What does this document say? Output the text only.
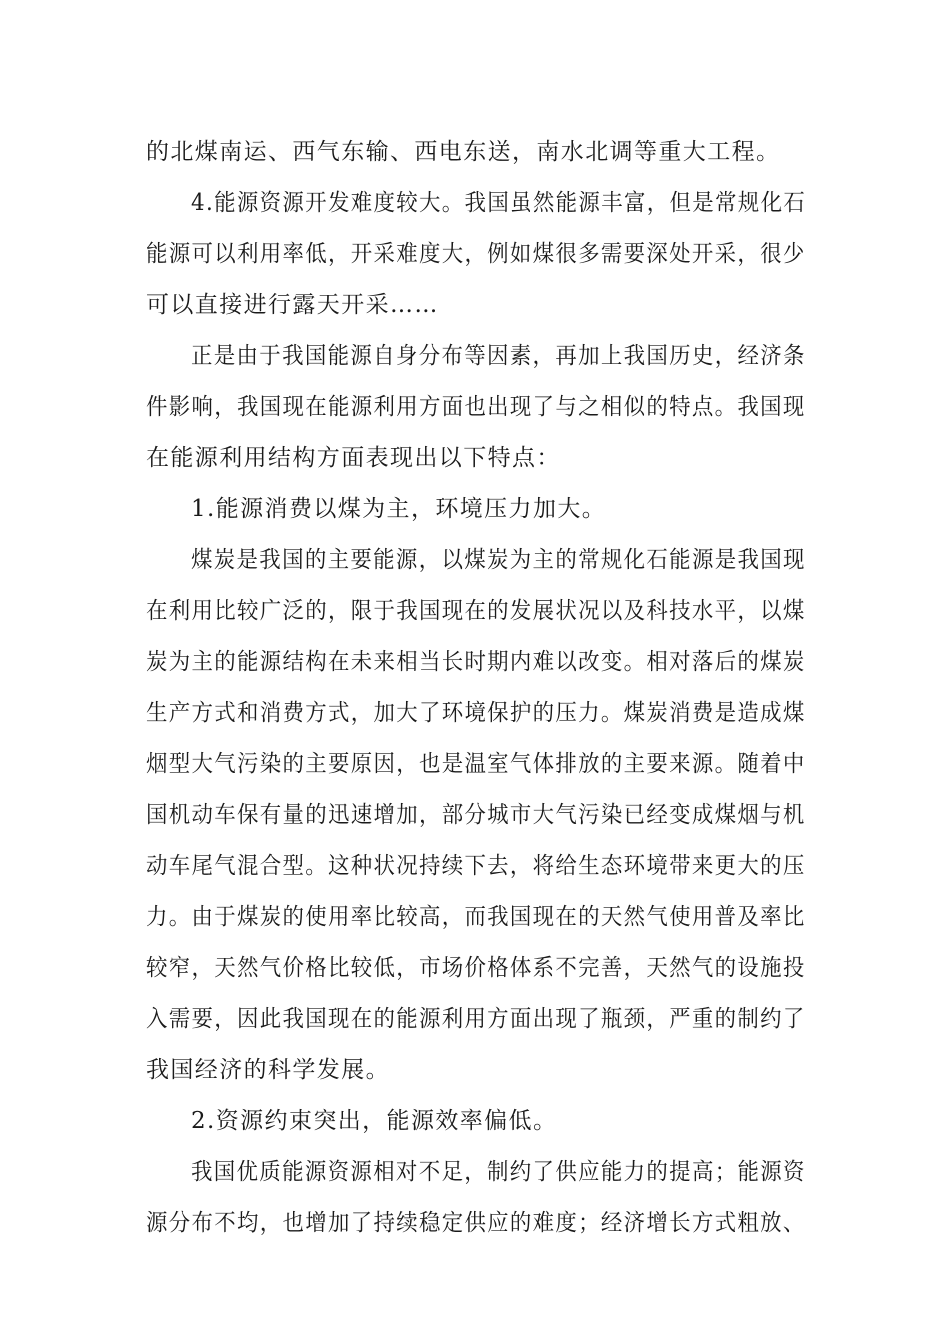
的北煤南运、西气东输、西电东送，南水北调等重大工程。
4.能源资源开发难度较大。我国虽然能源丰富，但是常规化石
能源可以利用率低，开采难度大，例如煤很多需要深处开采，很少
可以直接进行露天开采……
正是由于我国能源自身分布等因素，再加上我国历史，经济条
件影响，我国现在能源利用方面也出现了与之相似的特点。我国现
在能源利用结构方面表现出以下特点：
1.能源消费以煤为主，环境压力加大。
煤炭是我国的主要能源，以煤炭为主的常规化石能源是我国现
在利用比较广泛的，限于我国现在的发展状况以及科技水平，以煤
炭为主的能源结构在未来相当长时期内难以改变。相对落后的煤炭
生产方式和消费方式，加大了环境保护的压力。煤炭消费是造成煤
烟型大气污染的主要原因，也是温室气体排放的主要来源。随着中
国机动车保有量的迅速增加，部分城市大气污染已经变成煤烟与机
动车尾气混合型。这种状况持续下去，将给生态环境带来更大的压
力。由于煤炭的使用率比较高，而我国现在的天然气使用普及率比
较窄，天然气价格比较低，市场价格体系不完善，天然气的设施投
入需要，因此我国现在的能源利用方面出现了瓶颈，严重的制约了
我国经济的科学发展。
2.资源约束突出，能源效率偏低。
我国优质能源资源相对不足，制约了供应能力的提高；能源资
源分布不均，也增加了持续稳定供应的难度；经济增长方式粗放、
